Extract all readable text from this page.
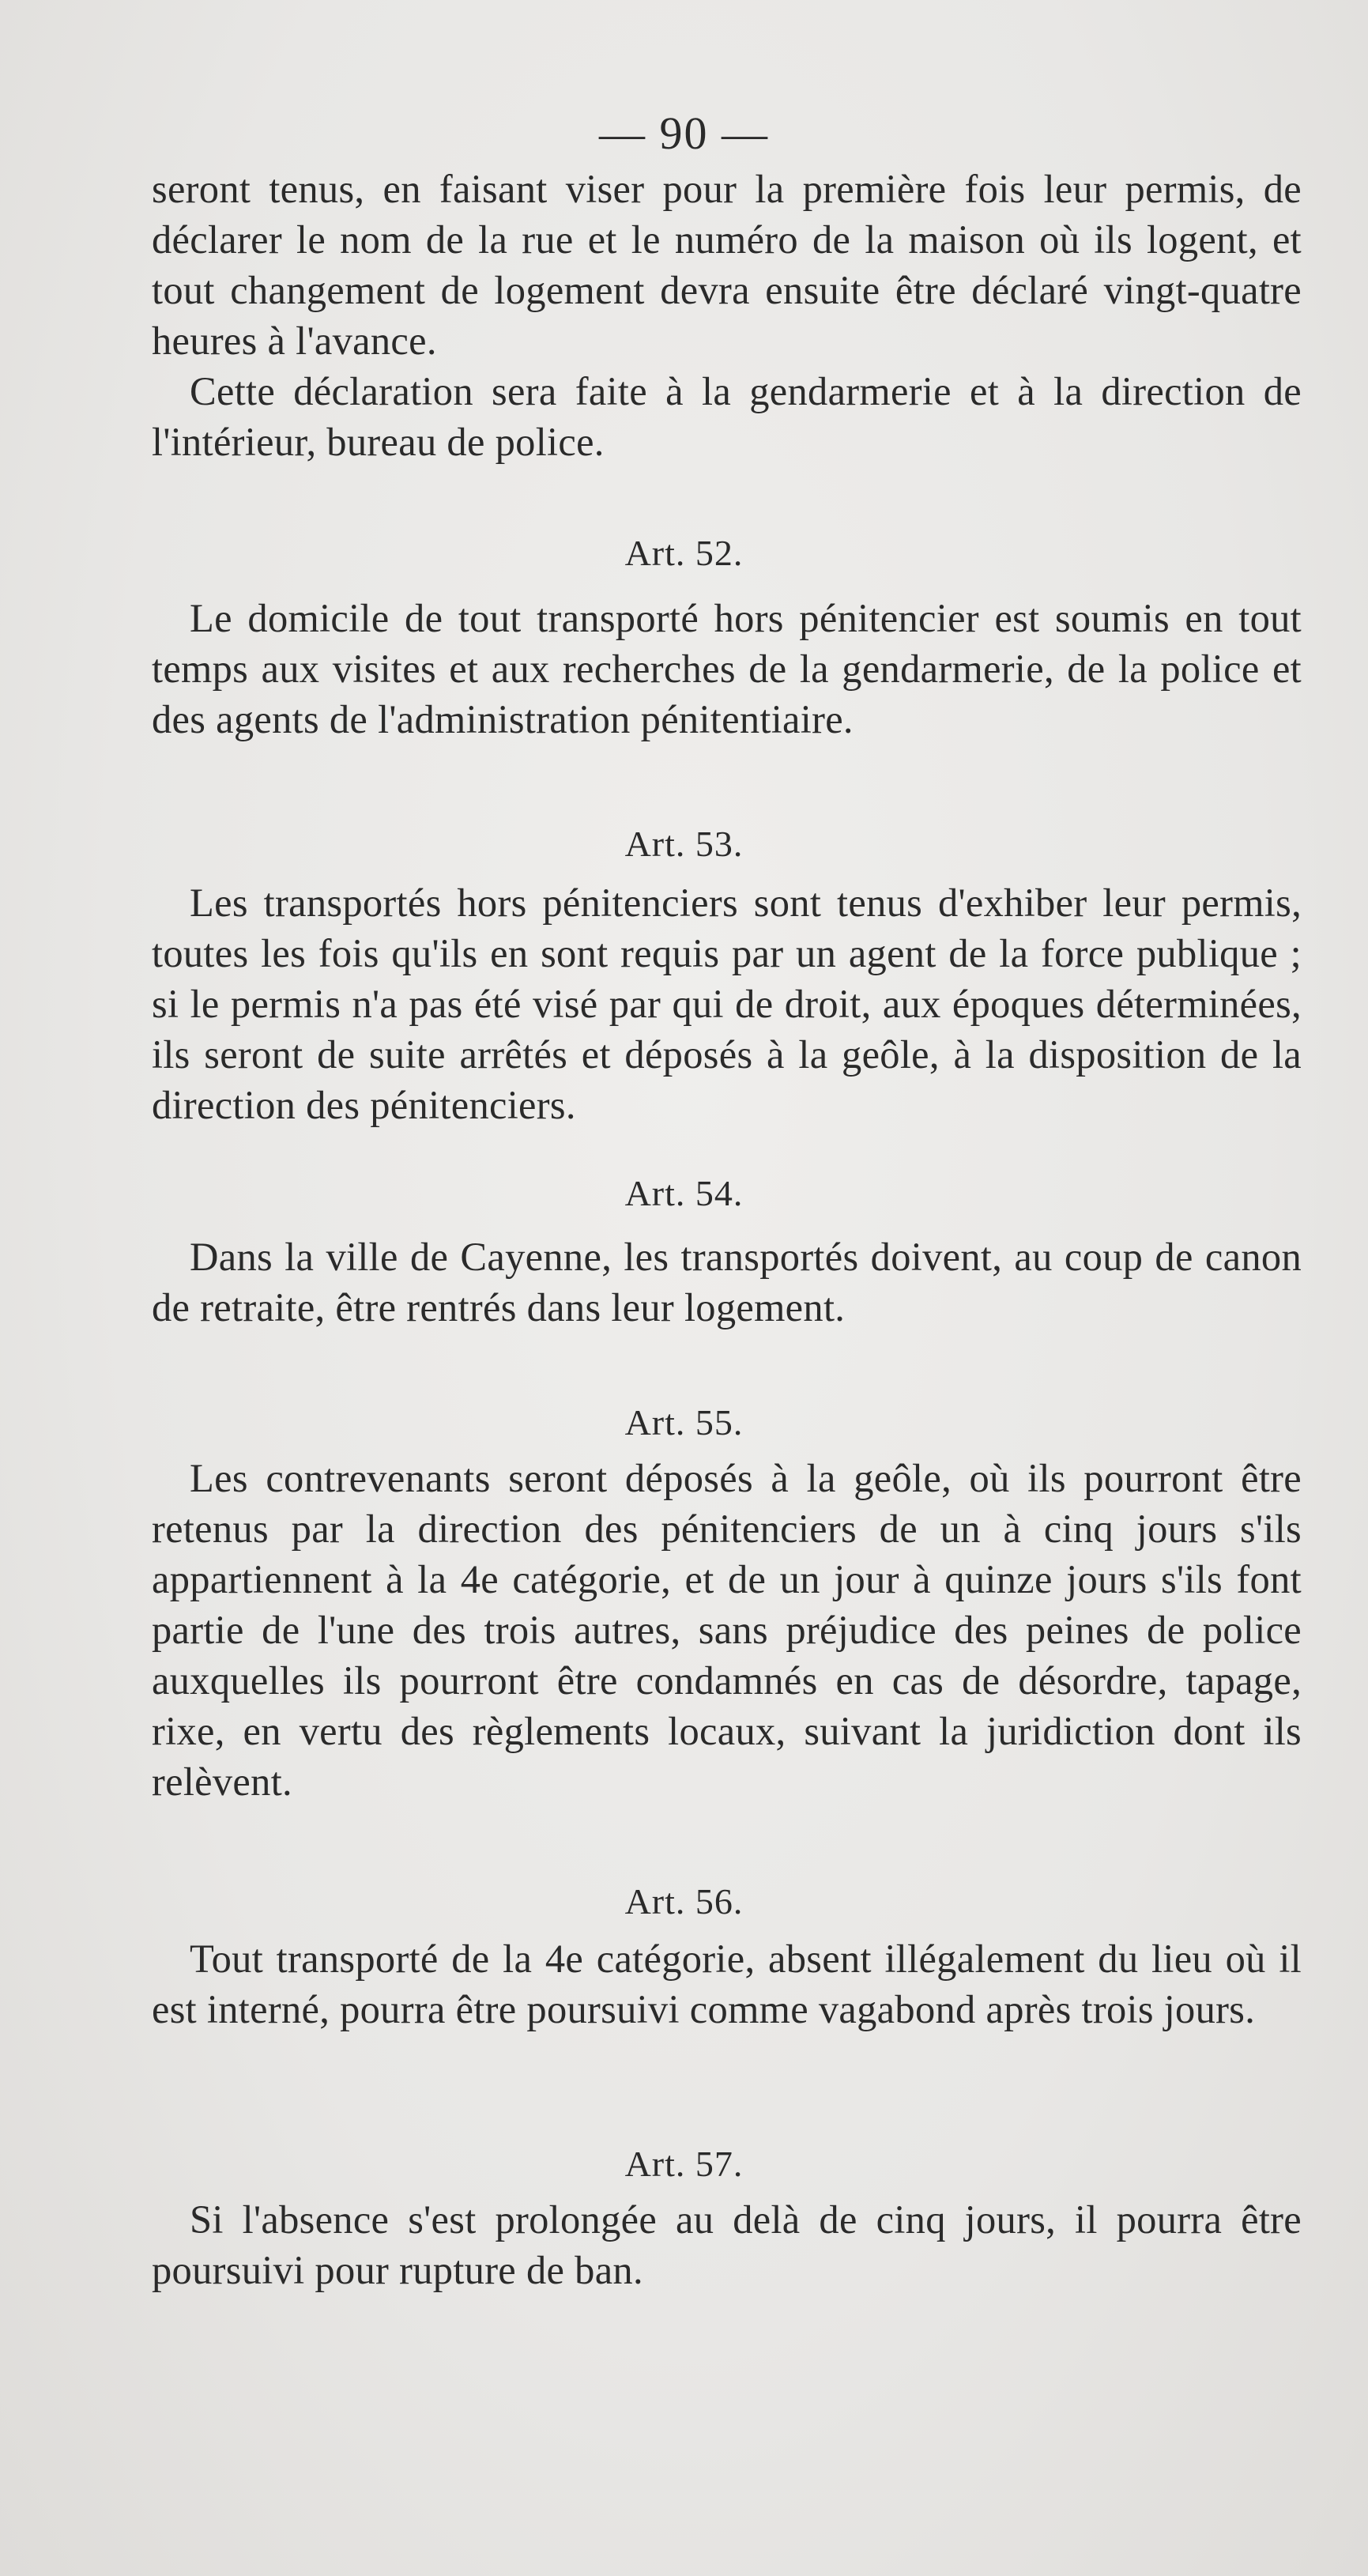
— 90 —
seront tenus, en faisant viser pour la première fois leur permis, de déclarer le nom de la rue et le numéro de la maison où ils logent, et tout changement de logement devra ensuite être déclaré vingt-quatre heures à l'avance.
Cette déclaration sera faite à la gendarmerie et à la direction de l'intérieur, bureau de police.
Art. 52.
Le domicile de tout transporté hors pénitencier est soumis en tout temps aux visites et aux recherches de la gendarmerie, de la police et des agents de l'administration pénitentiaire.
Art. 53.
Les transportés hors pénitenciers sont tenus d'exhiber leur permis, toutes les fois qu'ils en sont requis par un agent de la force publique ; si le permis n'a pas été visé par qui de droit, aux époques déterminées, ils seront de suite arrêtés et déposés à la geôle, à la disposition de la direction des pénitenciers.
Art. 54.
Dans la ville de Cayenne, les transportés doivent, au coup de canon de retraite, être rentrés dans leur logement.
Art. 55.
Les contrevenants seront déposés à la geôle, où ils pourront être retenus par la direction des pénitenciers de un à cinq jours s'ils appartiennent à la 4e catégorie, et de un jour à quinze jours s'ils font partie de l'une des trois autres, sans préjudice des peines de police auxquelles ils pourront être condamnés en cas de désordre, tapage, rixe, en vertu des règlements locaux, suivant la juridiction dont ils relèvent.
Art. 56.
Tout transporté de la 4e catégorie, absent illégalement du lieu où il est interné, pourra être poursuivi comme vagabond après trois jours.
Art. 57.
Si l'absence s'est prolongée au delà de cinq jours, il pourra être poursuivi pour rupture de ban.
